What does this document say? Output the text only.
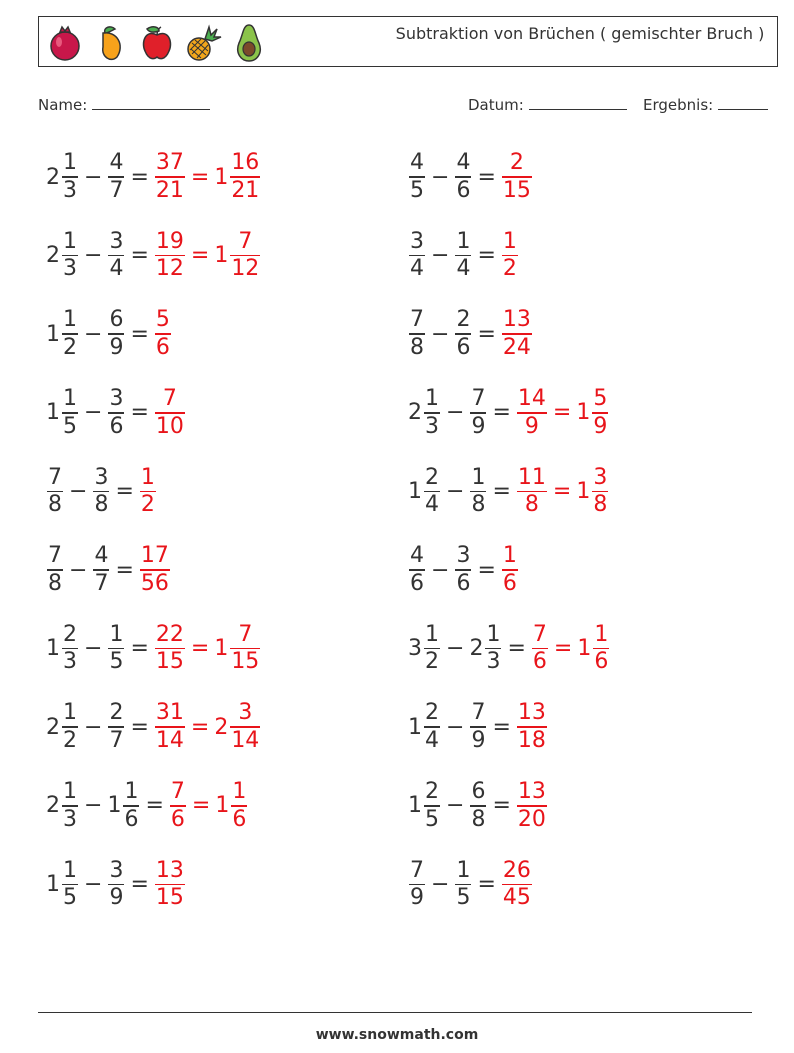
Subtraktion von Brüchen ( gemischter Bruch )
Name:	Datum:	Ergebnis:
$2 \frac{1}{3} - \frac{4}{7} = \frac{37}{21} = 1 \frac{16}{21}$	$\frac{4}{5} - \frac{4}{6} = \frac{2}{15}$
$2 \frac{1}{3} - \frac{3}{4} = \frac{19}{12} = 1 \frac{7}{12}$	$\frac{3}{4} - \frac{1}{4} = \frac{1}{2}$
$1 \frac{1}{2} - \frac{6}{9} = \frac{5}{6}$	$\frac{7}{8} - \frac{2}{6} = \frac{13}{24}$
$1 \frac{1}{5} - \frac{3}{6} = \frac{7}{10}$	$2 \frac{1}{3} - \frac{7}{9} = \frac{14}{9} = 1 \frac{5}{9}$
$\frac{7}{8} - \frac{3}{8} = \frac{1}{2}$	$1 \frac{2}{4} - \frac{1}{8} = \frac{11}{8} = 1 \frac{3}{8}$
$\frac{7}{8} - \frac{4}{7} = \frac{17}{56}$	$\frac{4}{6} - \frac{3}{6} = \frac{1}{6}$
$1 \frac{2}{3} - \frac{1}{5} = \frac{22}{15} = 1 \frac{7}{15}$	$3 \frac{1}{2} - 2 \frac{1}{3} = \frac{7}{6} = 1 \frac{1}{6}$
$2 \frac{1}{2} - \frac{2}{7} = \frac{31}{14} = 2 \frac{3}{14}$	$1 \frac{2}{4} - \frac{7}{9} = \frac{13}{18}$
$2 \frac{1}{3} - 1 \frac{1}{6} = \frac{7}{6} = 1 \frac{1}{6}$	$1 \frac{2}{5} - \frac{6}{8} = \frac{13}{20}$
$1 \frac{1}{5} - \frac{3}{9} = \frac{13}{15}$	$\frac{7}{9} - \frac{1}{5} = \frac{26}{45}$
www.snowmath.com
